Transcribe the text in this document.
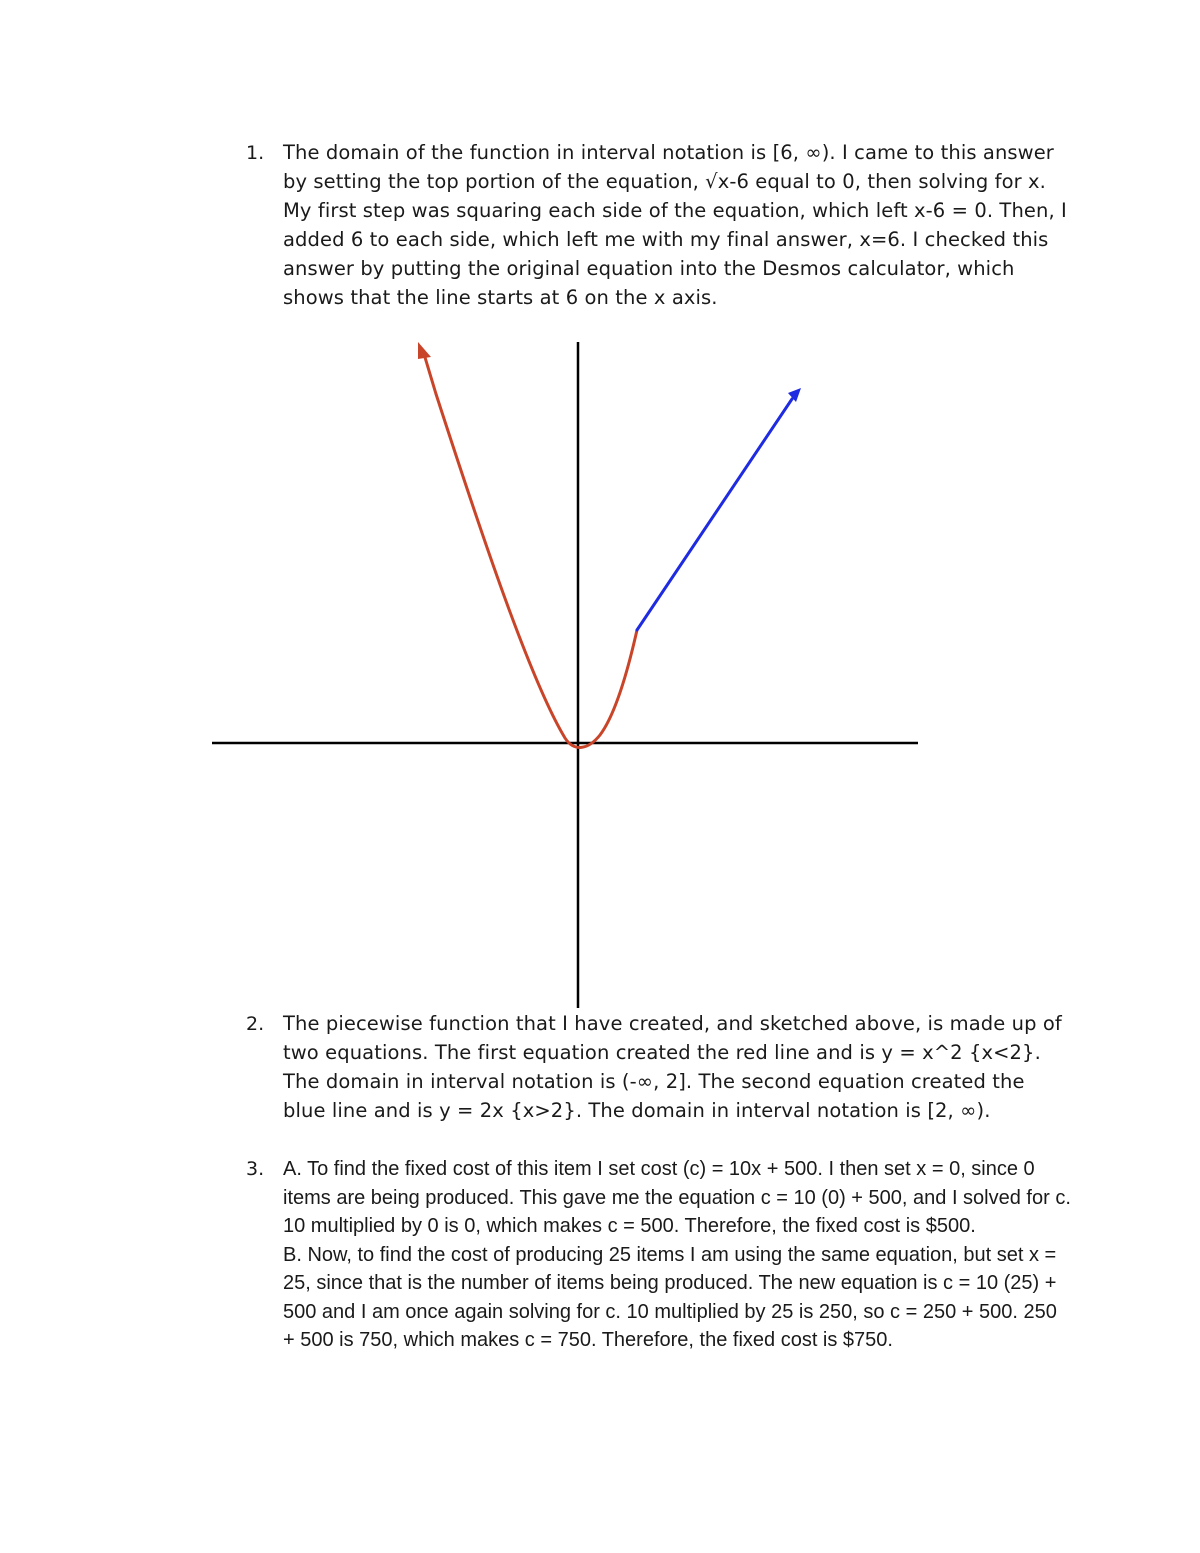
1. The domain of the function in interval notation is [6, ∞). I came to this answer by setting the top portion of the equation, √x-6 equal to 0, then solving for x. My first step was squaring each side of the equation, which left x-6 = 0. Then, I added 6 to each side, which left me with my final answer, x=6. I checked this answer by putting the original equation into the Desmos calculator, which shows that the line starts at 6 on the x axis.

2. The piecewise function that I have created, and sketched above, is made up of two equations. The first equation created the red line and is y = x^2 {x<2}. The domain in interval notation is (-∞, 2]. The second equation created the blue line and is y = 2x {x>2}. The domain in interval notation is [2, ∞).

3. A. To find the fixed cost of this item I set cost (c) = 10x + 500. I then set x = 0, since 0 items are being produced. This gave me the equation c = 10 (0) + 500, and I solved for c. 10 multiplied by 0 is 0, which makes c = 500. Therefore, the fixed cost is $500.

B. Now, to find the cost of producing 25 items I am using the same equation, but set x = 25, since that is the number of items being produced. The new equation is c = 10 (25) + 500 and I am once again solving for c. 10 multiplied by 25 is 250, so c = 250 + 500. 250 + 500 is 750, which makes c = 750. Therefore, the fixed cost is $750.
